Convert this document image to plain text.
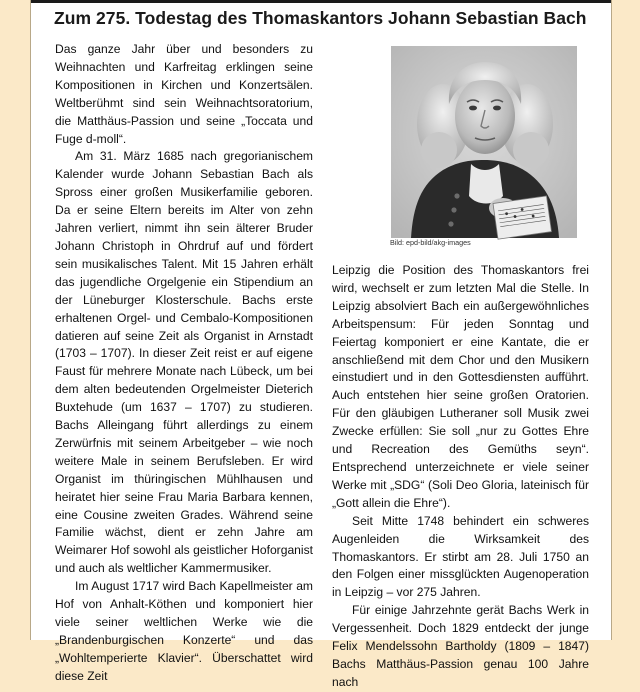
Zum 275. Todestag des Thomaskantors Johann Sebastian Bach

Das ganze Jahr über und besonders zu Weihnachten und Karfreitag erklingen seine Kompositionen in Kirchen und Konzertsälen. Weltberühmt sind sein Weihnachtsoratorium, die Matthäus-Passion und seine „Toccata und Fuge d-moll“.

Am 31. März 1685 nach gregorianischem Kalender wurde Johann Sebastian Bach als Spross einer großen Musikerfamilie geboren. Da er seine Eltern bereits im Alter von zehn Jahren verliert, nimmt ihn sein älterer Bruder Johann Christoph in Ohrdruf auf und fördert sein musikalisches Talent. Mit 15 Jahren erhält das jugendliche Orgelgenie ein Stipendium an der Lüneburger Klosterschule. Bachs erste erhaltenen Orgel- und Cembalo-Kompositionen datieren auf seine Zeit als Organist in Arnstadt (1703 – 1707). In dieser Zeit reist er auf eigene Faust für mehrere Monate nach Lübeck, um bei dem alten bedeutenden Orgelmeister Dieterich Buxtehude (um 1637 – 1707) zu studieren. Bachs Alleingang führt allerdings zu einem Zerwürfnis mit seinem Arbeitgeber – wie noch weitere Male in seinem Berufsleben. Er wird Organist im thüringischen Mühlhausen und heiratet hier seine Frau Maria Barbara kennen, eine Cousine zweiten Grades. Während seine Familie wächst, dient er zehn Jahre am Weimarer Hof sowohl als geistlicher Hoforganist und auch als weltlicher Kammermusiker.

Im August 1717 wird Bach Kapellmeister am Hof von Anhalt-Köthen und komponiert hier viele seiner weltlichen Werke wie die „Brandenburgischen Konzerte“ und das „Wohltemperierte Klavier“. Überschattet wird diese Zeit

Bild: epd-bild/akg-images

Leipzig die Position des Thomaskantors frei wird, wechselt er zum letzten Mal die Stelle. In Leipzig absolviert Bach ein außergewöhnliches Arbeitspensum: Für jeden Sonntag und Feiertag komponiert er eine Kantate, die er anschließend mit dem Chor und den Musikern einstudiert und in den Gottesdiensten aufführt. Auch entstehen hier seine großen Oratorien. Für den gläubigen Lutheraner soll Musik zwei Zwecke erfüllen: Sie soll „nur zu Gottes Ehre und Recreation des Gemüths seyn“. Entsprechend unterzeichnete er viele seiner Werke mit „SDG“ (Soli Deo Gloria, lateinisch für „Gott allein die Ehre“).

Seit Mitte 1748 behindert ein schweres Augenleiden die Wirksamkeit des Thomaskantors. Er stirbt am 28. Juli 1750 an den Folgen einer missglückten Augenoperation in Leipzig – vor 275 Jahren.

Für einige Jahrzehnte gerät Bachs Werk in Vergessenheit. Doch 1829 entdeckt der junge Felix Mendelssohn Bartholdy (1809 – 1847) Bachs Matthäus-Passion genau 100 Jahre nach
